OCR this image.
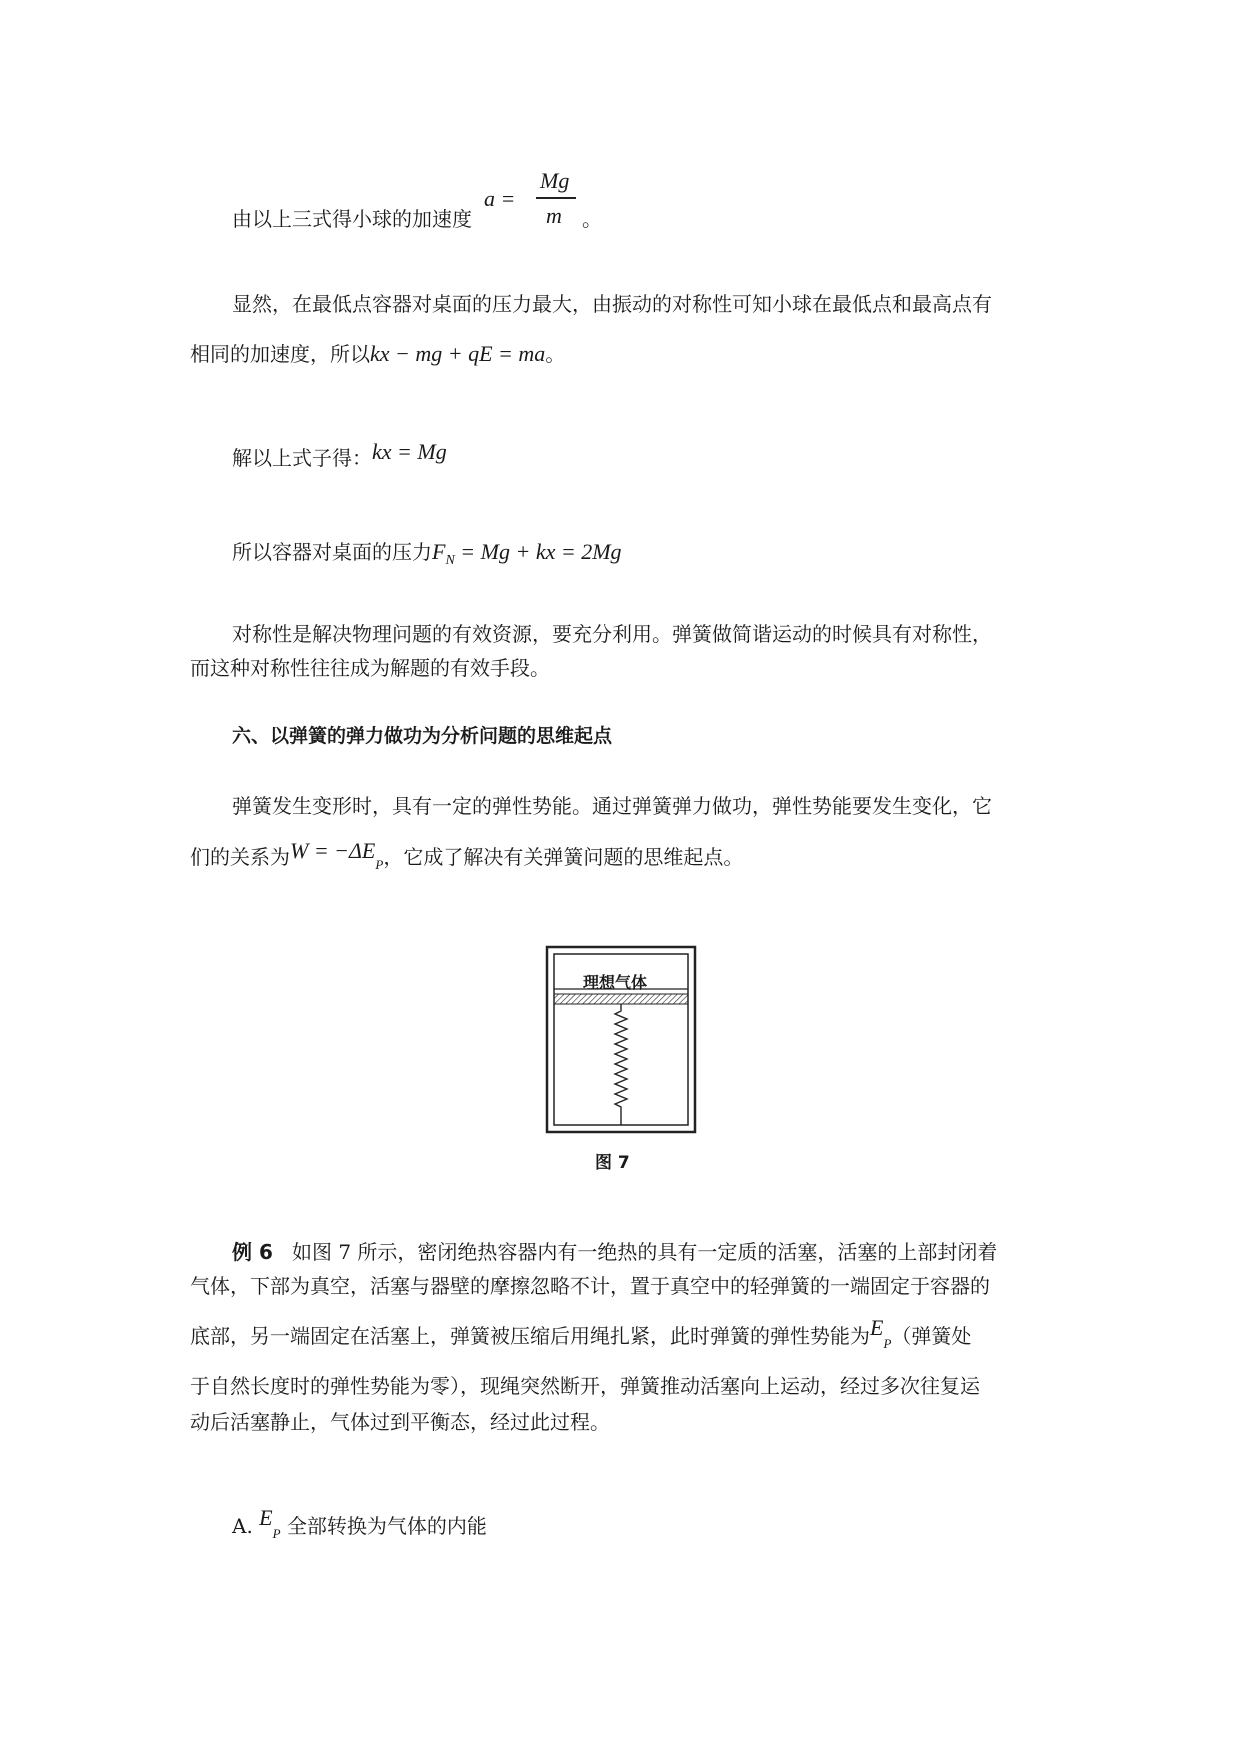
由以上三式得小球的加速度
a =
Mg
m 。
显然，在最低点容器对桌面的压力最大，由振动的对称性可知小球在最低点和最高点有
相同的加速度，所以kx − mg + qE = ma。
解以上式子得：kx = Mg
所以容器对桌面的压力$F_N = Mg$ + kx = 2Mg
对称性是解决物理问题的有效资源，要充分利用。弹簧做简谐运动的时候具有对称性，
而这种对称性往往成为解题的有效手段。
六、以弹簧的弹力做功为分析问题的思维起点
弹簧发生变形时，具有一定的弹性势能。通过弹簧弹力做功，弹性势能要发生变化，它
们的关系为$W = -\Delta E_P$，它成了解决有关弹簧问题的思维起点。
理想气体
图 7
例 6 如图 7 所示，密闭绝热容器内有一绝热的具有一定质的活塞，活塞的上部封闭着
气体，下部为真空，活塞与器壁的摩擦忽略不计，置于真空中的轻弹簧的一端固定于容器的
底部，另一端固定在活塞上，弹簧被压缩后用绳扎紧，此时弹簧的弹性势能为$E_P$（弹簧处
于自然长度时的弹性势能为零），现绳突然断开，弹簧推动活塞向上运动，经过多次往复运
动后活塞静止，气体过到平衡态，经过此过程。
A. $E_P$ 全部转换为气体的内能
